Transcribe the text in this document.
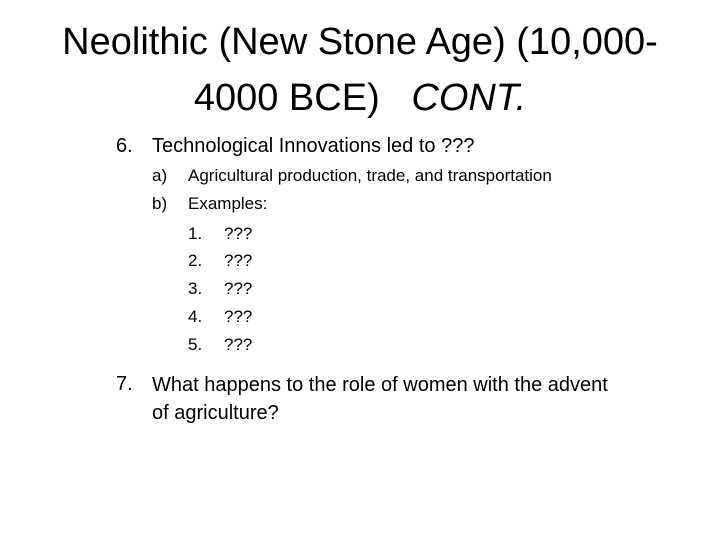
Neolithic (New Stone Age) (10,000-
4000 BCE) CONT.
6. Technological Innovations led to ???
a) Agricultural production, trade, and transportation
b) Examples:
1. ???
2. ???
3. ???
4. ???
5. ???
7. What happens to the role of women with the advent
of agriculture?
